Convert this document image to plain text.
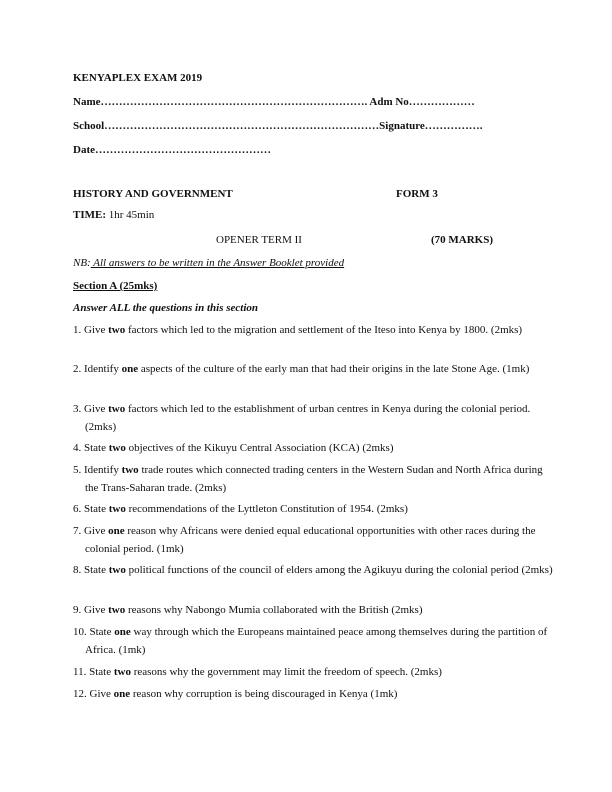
KENYAPLEX EXAM 2019
Name………………………………………………………………. Adm No………………
School…………………………………………………………………Signature…………….
Date…………………………………………
HISTORY AND GOVERNMENT	FORM 3
TIME: 1hr 45min
OPENER TERM II	(70 MARKS)
NB: All answers to be written in the Answer Booklet provided
Section A (25mks)
Answer ALL the questions in this section
1. Give two factors which led to the migration and settlement of the Iteso into Kenya by 1800. (2mks)
2. Identify one aspects of the culture of the early man that had their origins in the late Stone Age. (1mk)
3. Give two factors which led to the establishment of urban centres in Kenya during the colonial period. (2mks)
4. State two objectives of the Kikuyu Central Association (KCA) (2mks)
5. Identify two trade routes which connected trading centers in the Western Sudan and North Africa during the Trans-Saharan trade. (2mks)
6. State two recommendations of the Lyttleton Constitution of 1954. (2mks)
7. Give one reason why Africans were denied equal educational opportunities with other races during the colonial period. (1mk)
8. State two political functions of the council of elders among the Agikuyu during the colonial period (2mks)
9. Give two reasons why Nabongo Mumia collaborated with the British (2mks)
10. State one way through which the Europeans maintained peace among themselves during the partition of Africa. (1mk)
11. State two reasons why the government may limit the freedom of speech. (2mks)
12. Give one reason why corruption is being discouraged in Kenya (1mk)
